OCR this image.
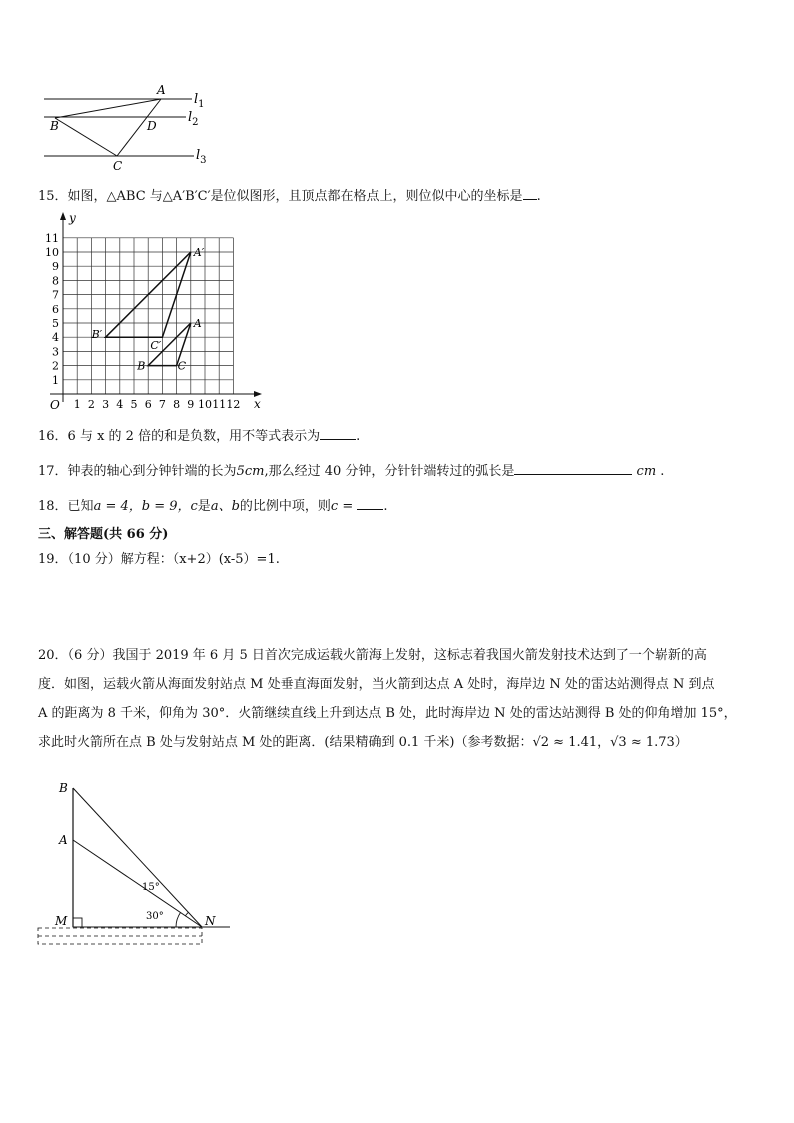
A
B	D
C
$l_1$
$l_2$
$l_3$
15．如图，△ABC 与△A′B′C′是位似图形，且顶点都在格点上，则位似中心的坐标是 .
y
x
O
1
2
3
4
5
6
7
8
9
10
11
1 2 3 4 5 6 7 8 9 10 11 12
A
B	C
A′
B′
C′
16．6 与 x 的 2 倍的和是负数，用不等式表示为	.
17．钟表的轴心到分钟针端的长为5cm,那么经过 40 分钟，分针针端转过的弧长是	cm .
18．已知a = 4，b = 9，c是a、b的比例中项，则c = .
三、解答题(共 66 分)
19．（10 分）解方程：（x+2）(x-5）=1.
20．（6 分）我国于 2019 年 6 月 5 日首次完成运载火箭海上发射，这标志着我国火箭发射技术达到了一个崭新的高
度．如图，运载火箭从海面发射站点 M 处垂直海面发射，当火箭到达点 A 处时，海岸边 N 处的雷达站测得点 N 到点
A 的距离为 8 千米，仰角为 30°．火箭继续直线上升到达点 B 处，此时海岸边 N 处的雷达站测得 B 处的仰角增加 15°，
求此时火箭所在点 B 处与发射站点 M 处的距离．(结果精确到 0.1 千米)（参考数据：√2 ≈ 1.41，√3 ≈ 1.73）
B
A
M	N
15°
30°
